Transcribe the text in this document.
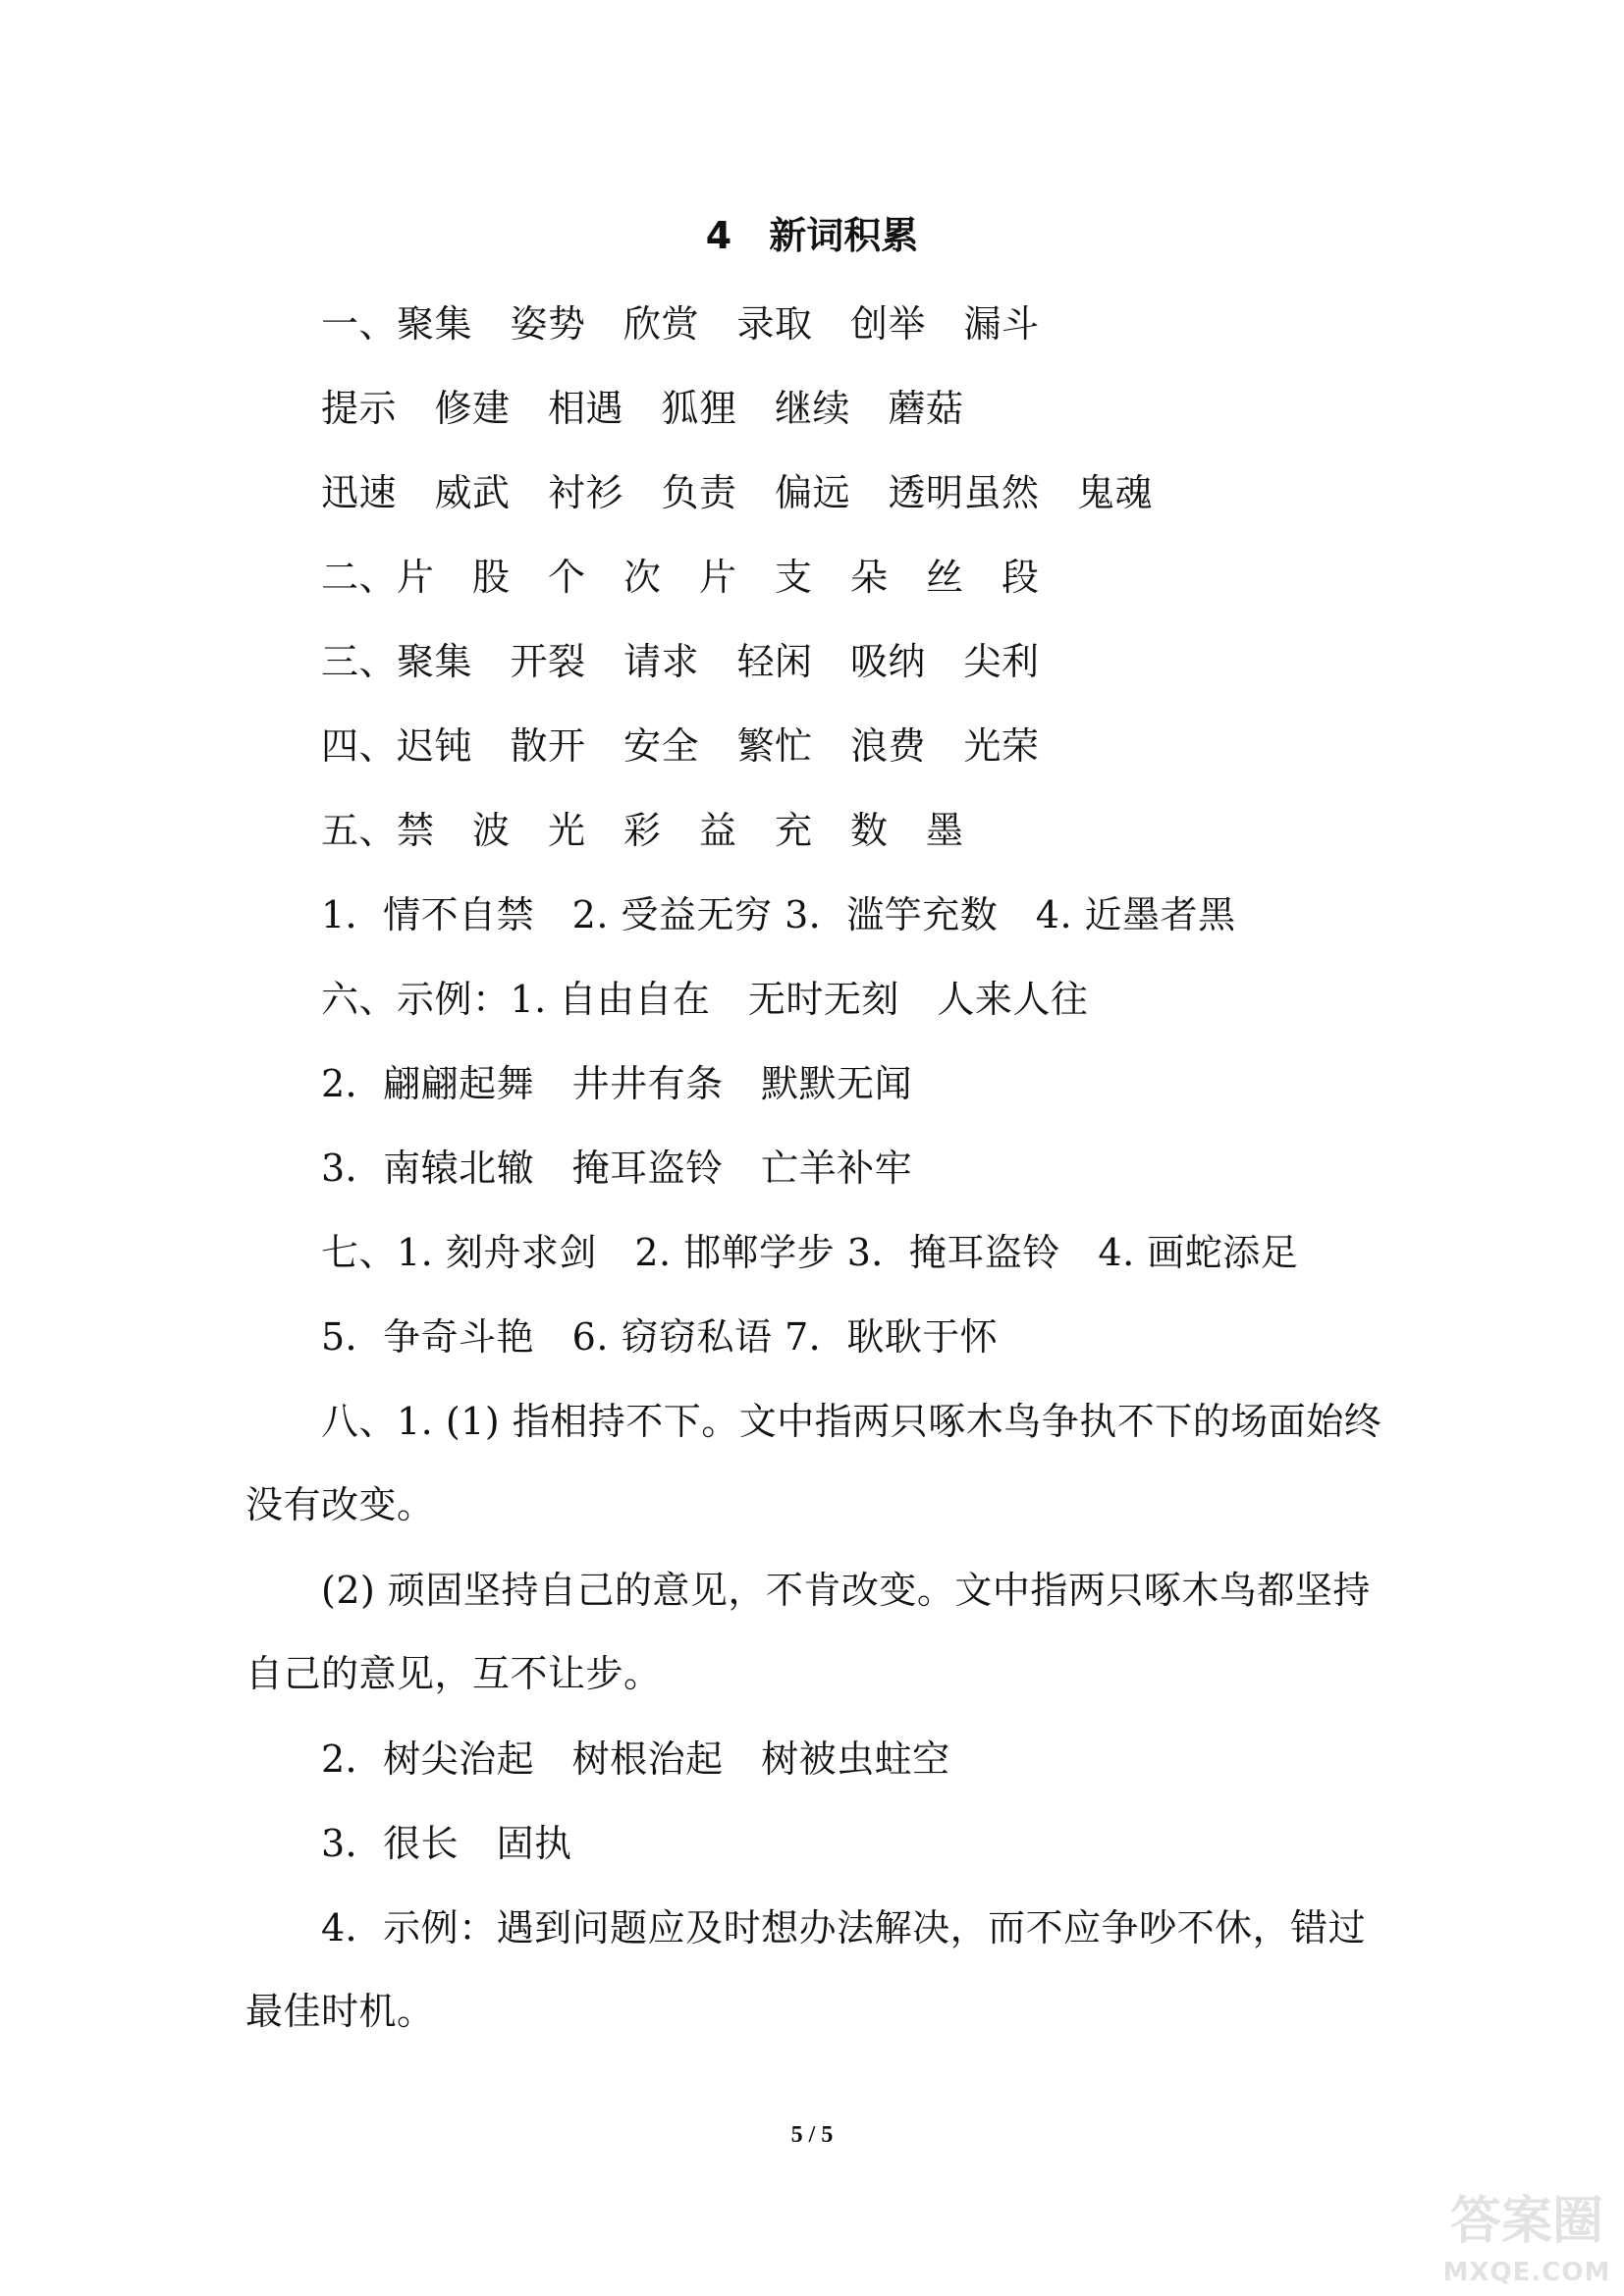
4　新词积累
一、聚集　姿势　欣赏　录取　创举　漏斗
提示　修建　相遇　狐狸　继续　蘑菇
迅速　威武　衬衫　负责　偏远　透明虽然　鬼魂
二、片　股　个　次　片　支　朵　丝　段
三、聚集　开裂　请求　轻闲　吸纳　尖利
四、迟钝　散开　安全　繁忙　浪费　光荣
五、禁　波　光　彩　益　充　数　墨
1．情不自禁　2. 受益无穷 3．滥竽充数　4. 近墨者黑
六、示例：1. 自由自在　无时无刻　人来人往
2．翩翩起舞　井井有条　默默无闻
3．南辕北辙　掩耳盗铃　亡羊补牢
七、1. 刻舟求剑　2. 邯郸学步 3．掩耳盗铃　4. 画蛇添足
5．争奇斗艳　6. 窃窃私语 7．耿耿于怀
八、1. (1) 指相持不下。文中指两只啄木鸟争执不下的场面始终
没有改变。
(2) 顽固坚持自己的意见，不肯改变。文中指两只啄木鸟都坚持
自己的意见，互不让步。
2．树尖治起　树根治起　树被虫蛀空
3．很长　固执
4．示例：遇到问题应及时想办法解决，而不应争吵不休，错过
最佳时机。
5 / 5
答案圈
MXQE.COM
